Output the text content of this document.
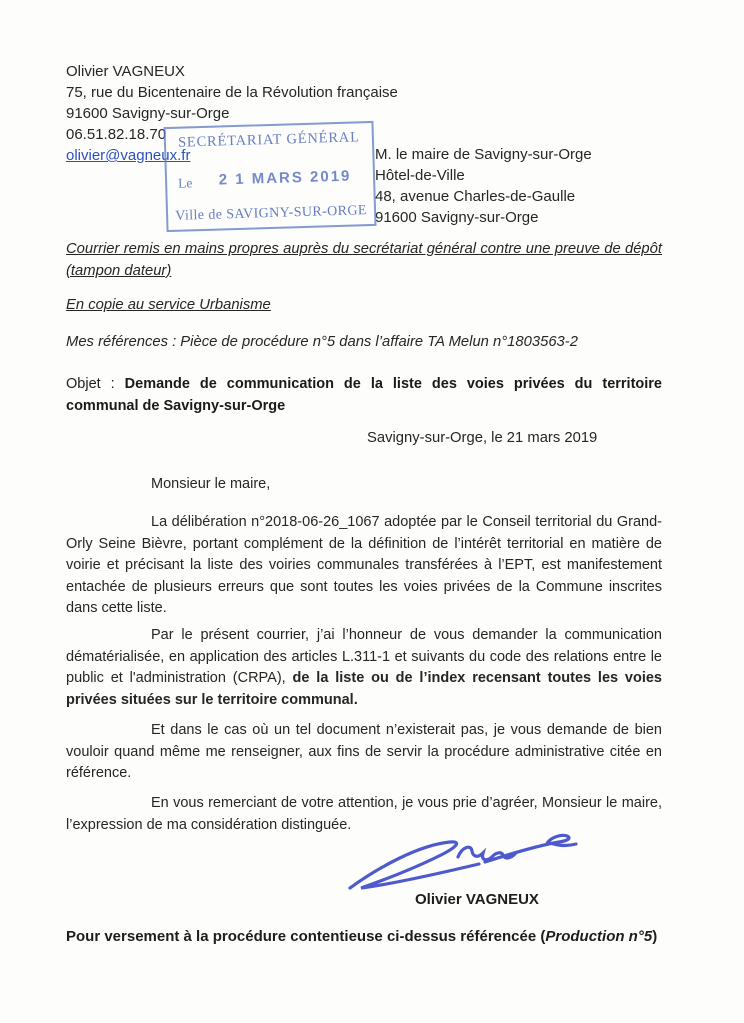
Olivier VAGNEUX
75, rue du Bicentenaire de la Révolution française
91600 Savigny-sur-Orge
06.51.82.18.70
olivier@vagneux.fr
SECRÉTARIAT GÉNÉRAL
Le	2 1 MARS 2019
Ville de SAVIGNY-SUR-ORGE
M. le maire de Savigny-sur-Orge
Hôtel-de-Ville
48, avenue Charles-de-Gaulle
91600 Savigny-sur-Orge
Courrier remis en mains propres auprès du secrétariat général contre une preuve de dépôt (tampon dateur)
En copie au service Urbanisme
Mes références : Pièce de procédure n°5 dans l’affaire TA Melun n°1803563-2
Objet : Demande de communication de la liste des voies privées du territoire communal de Savigny-sur-Orge
Savigny-sur-Orge, le 21 mars 2019
Monsieur le maire,

La délibération n°2018-06-26_1067 adoptée par le Conseil territorial du Grand-Orly Seine Bièvre, portant complément de la définition de l’intérêt territorial en matière de voirie et précisant la liste des voiries communales transférées à l’EPT, est manifestement entachée de plusieurs erreurs que sont toutes les voies privées de la Commune inscrites dans cette liste.

Par le présent courrier, j’ai l’honneur de vous demander la communication dématérialisée, en application des articles L.311-1 et suivants du code des relations entre le public et l'administration (CRPA), de la liste ou de l’index recensant toutes les voies privées situées sur le territoire communal.

Et dans le cas où un tel document n’existerait pas, je vous demande de bien vouloir quand même me renseigner, aux fins de servir la procédure administrative citée en référence.

En vous remerciant de votre attention, je vous prie d’agréer, Monsieur le maire, l’expression de ma considération distinguée.

Olivier VAGNEUX
Pour versement à la procédure contentieuse ci-dessus référencée (Production n°5)
